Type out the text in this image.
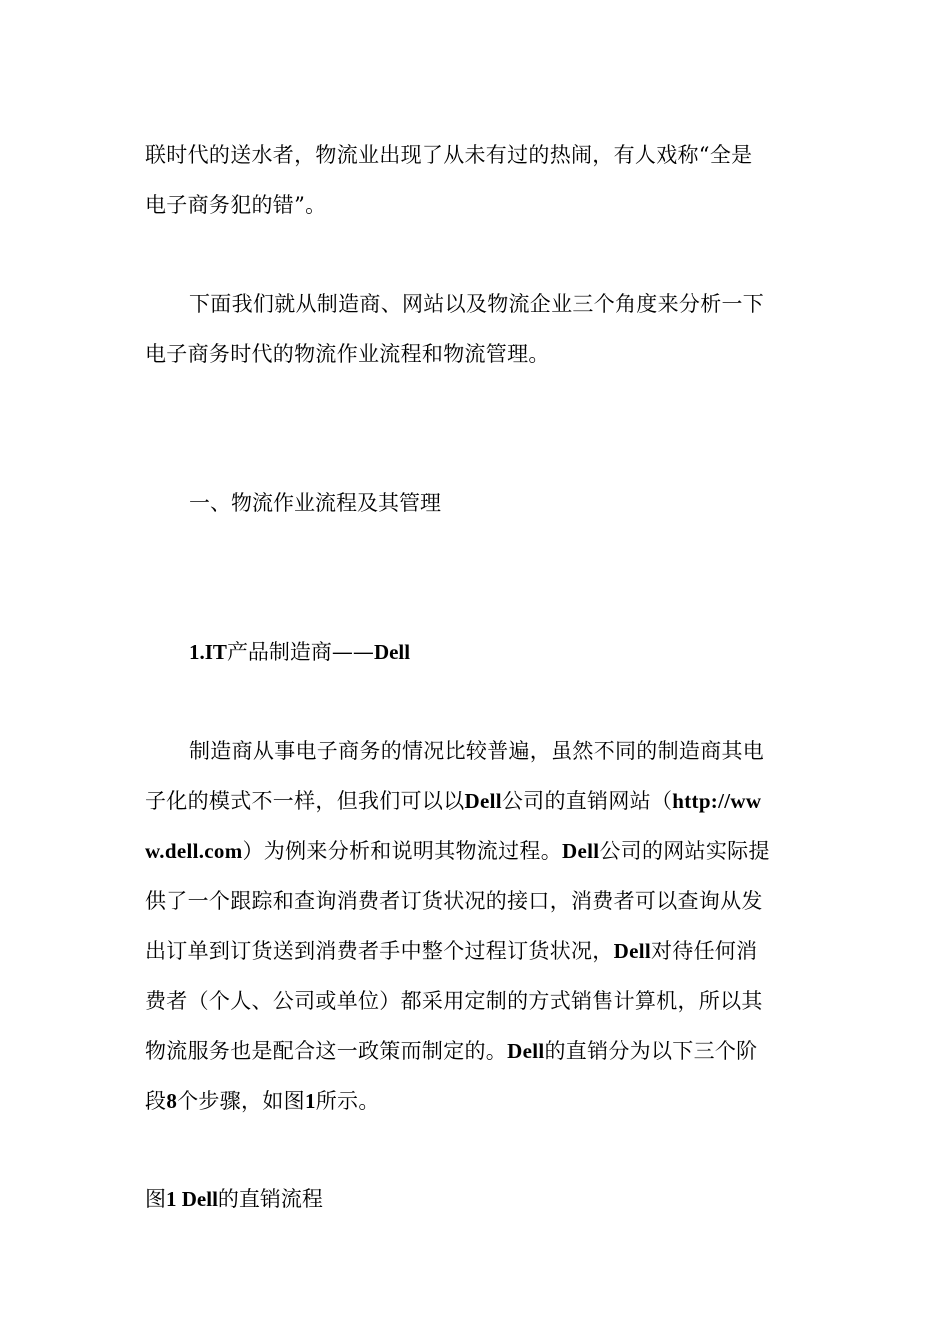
联时代的送水者，物流业出现了从未有过的热闹，有人戏称“全是
电子商务犯的错”。

下面我们就从制造商、网站以及物流企业三个角度来分析一下
电子商务时代的物流作业流程和物流管理。

一、物流作业流程及其管理

1.IT产品制造商——Dell

制造商从事电子商务的情况比较普遍，虽然不同的制造商其电
子化的模式不一样，但我们可以以Dell公司的直销网站（http://ww
w.dell.com）为例来分析和说明其物流过程。Dell公司的网站实际提
供了一个跟踪和查询消费者订货状况的接口，消费者可以查询从发
出订单到订货送到消费者手中整个过程订货状况，Dell对待任何消
费者（个人、公司或单位）都采用定制的方式销售计算机，所以其
物流服务也是配合这一政策而制定的。Dell的直销分为以下三个阶
段8个步骤，如图1所示。

图1 Dell的直销流程
